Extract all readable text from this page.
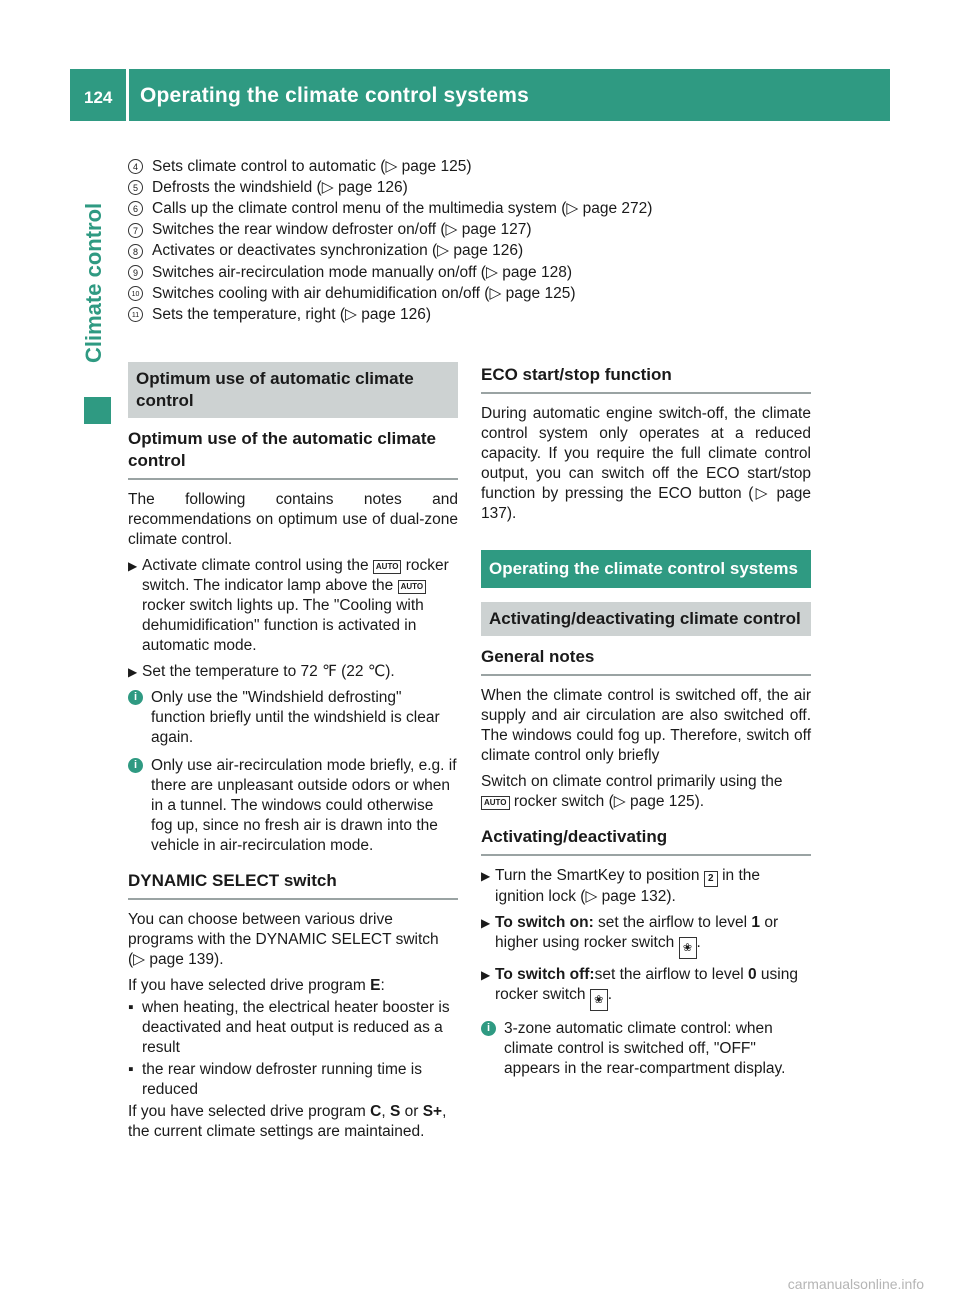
124 Operating the climate control systems
Climate control
4 Sets climate control to automatic (▷ page 125)
5 Defrosts the windshield (▷ page 126)
6 Calls up the climate control menu of the multimedia system (▷ page 272)
7 Switches the rear window defroster on/off (▷ page 127)
8 Activates or deactivates synchronization (▷ page 126)
9 Switches air-recirculation mode manually on/off (▷ page 128)
10 Switches cooling with air dehumidification on/off (▷ page 125)
11 Sets the temperature, right (▷ page 126)
Optimum use of automatic climate control
Optimum use of the automatic climate control

The following contains notes and recommendations on optimum use of dual-zone climate control.

▶ Activate climate control using the AUTO rocker switch. The indicator lamp above the AUTO rocker switch lights up. The "Cooling with dehumidification" function is activated in automatic mode.
▶ Set the temperature to 72 ℉ (22 ℃).
i Only use the "Windshield defrosting" function briefly until the windshield is clear again.
i Only use air-recirculation mode briefly, e.g. if there are unpleasant outside odors or when in a tunnel. The windows could otherwise fog up, since no fresh air is drawn into the vehicle in air-recirculation mode.
DYNAMIC SELECT switch

You can choose between various drive programs with the DYNAMIC SELECT switch (▷ page 139).

If you have selected drive program E:

▪ when heating, the electrical heater booster is deactivated and heat output is reduced as a result
▪ the rear window defroster running time is reduced

If you have selected drive program C, S or S+, the current climate settings are maintained.

ECO start/stop function

During automatic engine switch-off, the climate control system only operates at a reduced capacity. If you require the full climate control output, you can switch off the ECO start/stop function by pressing the ECO button (▷ page 137).

Operating the climate control systems
Activating/deactivating climate control
General notes

When the climate control is switched off, the air supply and air circulation are also switched off. The windows could fog up. Therefore, switch off climate control only briefly

Switch on climate control primarily using the AUTO rocker switch (▷ page 125).

Activating/deactivating
▶ Turn the SmartKey to position 2 in the ignition lock (▷ page 132).
▶ To switch on: set the airflow to level 1 or higher using rocker switch ❀ .
▶ To switch off:set the airflow to level 0 using rocker switch ❀ .
i 3-zone automatic climate control: when climate control is switched off, "OFF" appears in the rear-compartment display.
carmanualsonline.info
